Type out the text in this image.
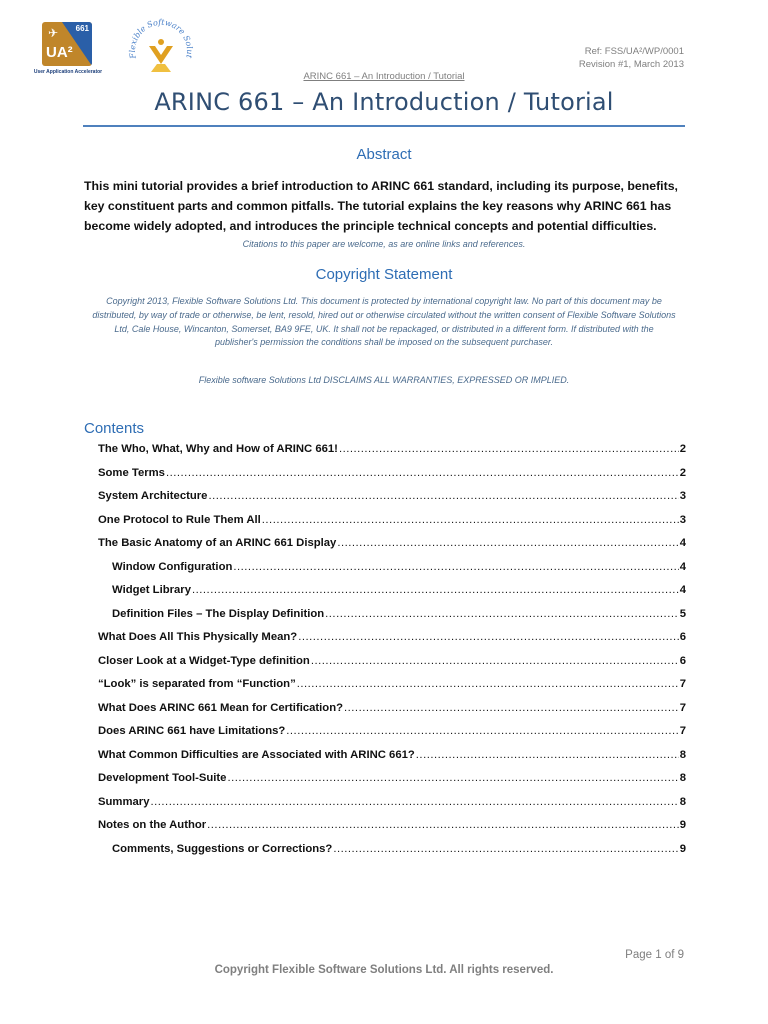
✈ 661
UA²
User Application Accelerator
Flexible Software Solut	Ref: FSS/UA²/WP/0001
Revision #1, March 2013
ARINC 661 – An Introduction / Tutorial
ARINC 661 – An Introduction / Tutorial
Abstract
This mini tutorial provides a brief introduction to ARINC 661 standard, including its purpose, benefits, key constituent parts and common pitfalls. The tutorial explains the key reasons why ARINC 661 has become widely adopted, and introduces the principle technical concepts and potential difficulties.
Citations to this paper are welcome, as are online links and references.
Copyright Statement
Copyright 2013, Flexible Software Solutions Ltd. This document is protected by international copyright law. No part of this document may be distributed, by way of trade or otherwise, be lent, resold, hired out or otherwise circulated without the written consent of Flexible Software Solutions Ltd, Cale House, Wincanton, Somerset, BA9 9FE, UK. It shall not be repackaged, or distributed in a different form. If distributed with the publisher's permission the conditions shall be imposed on the subsequent purchaser.
Flexible software Solutions Ltd DISCLAIMS ALL WARRANTIES, EXPRESSED OR IMPLIED.
Contents
The Who, What, Why and How of ARINC 661! .....	2
Some Terms .....	2
System Architecture .....	3
One Protocol to Rule Them All .....	3
The Basic Anatomy of an ARINC 661 Display .....	4
Window Configuration .....	4
Widget Library .....	4
Definition Files – The Display Definition .....	5
What Does All This Physically Mean? .....	6
Closer Look at a Widget-Type definition .....	6
“Look” is separated from “Function” .....	7
What Does ARINC 661 Mean for Certification? .....	7
Does ARINC 661 have Limitations? .....	7
What Common Difficulties are Associated with ARINC 661? .....	8
Development Tool-Suite .....	8
Summary .....	8
Notes on the Author .....	9
Comments, Suggestions or Corrections? .....	9
Page 1 of 9
Copyright Flexible Software Solutions Ltd. All rights reserved.
